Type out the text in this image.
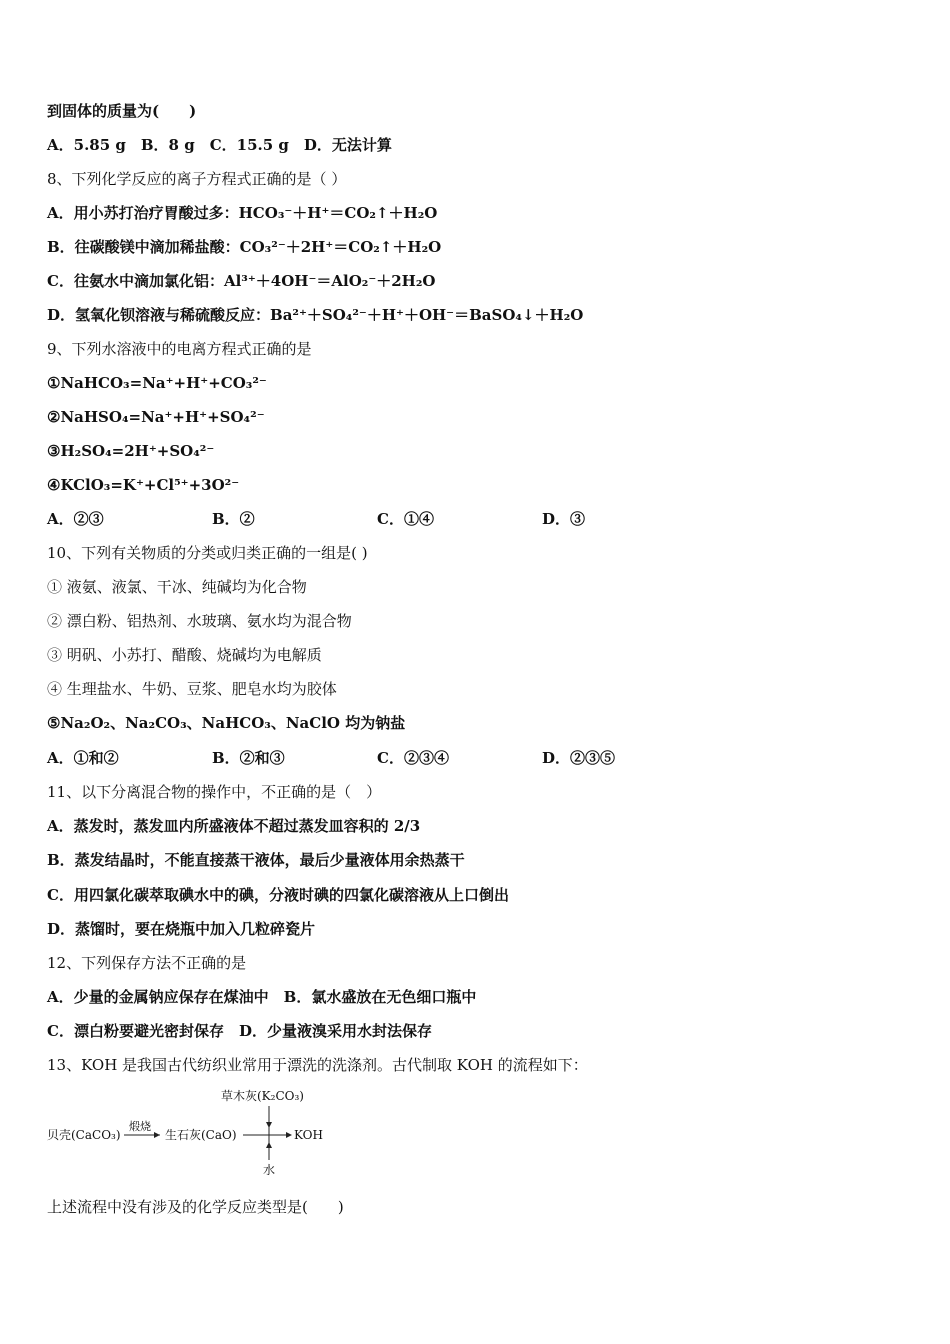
到固体的质量为(　　)
A．5.85 g　B．8 g　C．15.5 g　D．无法计算
8、下列化学反应的离子方程式正确的是（ ）
A．用小苏打治疗胃酸过多：HCO₃⁻＋H⁺＝CO₂↑＋H₂O
B．往碳酸镁中滴加稀盐酸：CO₃²⁻＋2H⁺＝CO₂↑＋H₂O
C．往氨水中滴加氯化铝：Al³⁺＋4OH⁻＝AlO₂⁻＋2H₂O
D．氢氧化钡溶液与稀硫酸反应：Ba²⁺＋SO₄²⁻＋H⁺＋OH⁻＝BaSO₄↓＋H₂O
9、下列水溶液中的电离方程式正确的是
①NaHCO₃=Na⁺+H⁺+CO₃²⁻
②NaHSO₄=Na⁺+H⁺+SO₄²⁻
③H₂SO₄=2H⁺+SO₄²⁻
④KClO₃=K⁺+Cl⁵⁺+3O²⁻
A．②③	B．②	C．①④	D．③
10、下列有关物质的分类或归类正确的一组是( )
① 液氨、液氯、干冰、纯碱均为化合物
② 漂白粉、铝热剂、水玻璃、氨水均为混合物
③ 明矾、小苏打、醋酸、烧碱均为电解质
④ 生理盐水、牛奶、豆浆、肥皂水均为胶体
⑤Na₂O₂、Na₂CO₃、NaHCO₃、NaClO 均为钠盐
A．①和②	B．②和③	C．②③④	D．②③⑤
11、以下分离混合物的操作中，不正确的是（　）
A．蒸发时，蒸发皿内所盛液体不超过蒸发皿容积的 2/3
B．蒸发结晶时，不能直接蒸干液体，最后少量液体用余热蒸干
C．用四氯化碳萃取碘水中的碘，分液时碘的四氯化碳溶液从上口倒出
D．蒸馏时，要在烧瓶中加入几粒碎瓷片
12、下列保存方法不正确的是
A．少量的金属钠应保存在煤油中　B．氯水盛放在无色细口瓶中
C．漂白粉要避光密封保存　D．少量液溴采用水封法保存
13、KOH 是我国古代纺织业常用于漂洗的洗涤剂。古代制取 KOH 的流程如下：
贝壳(CaCO₃)
煅烧
生石灰(CaO)
草木灰(K₂CO₃)
水
KOH
上述流程中没有涉及的化学反应类型是(　　)
